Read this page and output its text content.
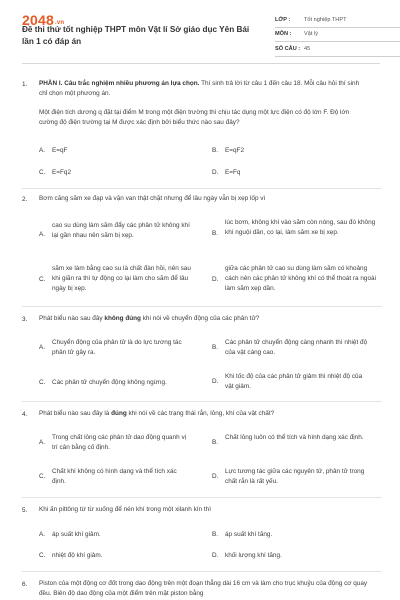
2048.vn
Đề thi thử tốt nghiệp THPT môn Vật lí Sở giáo dục Yên Bái lần 1 có đáp án
LỚP :	Tốt nghiệp THPT
MÔN :	Vật lý
SỐ CÂU : 45
1. PHẦN I. Câu trắc nghiệm nhiều phương án lựa chọn. Thí sinh trả lời từ câu 1 đến câu 18. Mỗi câu hỏi thí sinh chỉ chọn một phương án.
Một điện tích dương q đặt tại điểm M trong một điện trường thì chịu tác dụng một lực điện có độ lớn F. Độ lớn cường độ điện trường tại M được xác định bởi biểu thức nào sau đây?
A. E=qF	B. E=qF2
C. E=Fq2	D. E=Fq
2. Bơm căng săm xe đạp và vặn van thật chặt nhưng để lâu ngày vẫn bị xẹp lốp vì
A.
cao su dùng làm săm đẩy các phân tử không khí lại gần nhau nên săm bị xẹp.	B.
lúc bơm, không khí vào săm còn nóng, sau đó không khí nguội dần, co lại, làm săm xe bị xẹp.
C.
săm xe làm bằng cao su là chất đàn hồi, nên sau khi giãn ra thì tự động co lại làm cho săm để lâu ngày bị xẹp.
D.
giữa các phân tử cao su dùng làm săm có khoảng cách nên các phân tử không khí có thể thoát ra ngoài làm săm xẹp dần.
3. Phát biểu nào sau đây không đúng khi nói về chuyển động của các phân tử?
A.
Chuyển động của phân tử là do lực tương tác phân tử gây ra.
B.
Các phân tử chuyển động càng nhanh thì nhiệt độ của vật càng cao.
C. Các phân tử chuyển động không ngừng.	D.
Khi tốc độ của các phân tử giảm thì nhiệt độ của vật giảm.
4. Phát biểu nào sau đây là đúng khi nói về các trạng thái rắn, lỏng, khí của vật chất?
A.
Trong chất lỏng các phân tử dao động quanh vị trí cân bằng cố định.
B.
Chất lỏng luôn có thể tích và hình dạng xác định.
C.
Chất khí không có hình dạng và thể tích xác định.
D.
Lực tương tác giữa các nguyên tử, phân tử trong chất rắn là rất yếu.
5. Khi ấn pittông từ từ xuống để nén khí trong một xilanh kín thì
A. áp suất khí giảm.	B. áp suất khí tăng.
C. nhiệt độ khí giảm.	D. khối lượng khí tăng.
6. Piston của một động cơ đốt trong dao động trên một đoạn thẳng dài 16 cm và làm cho trục khuỷu của động cơ quay đều. Biên độ dao động của một điểm trên mặt piston bằng
